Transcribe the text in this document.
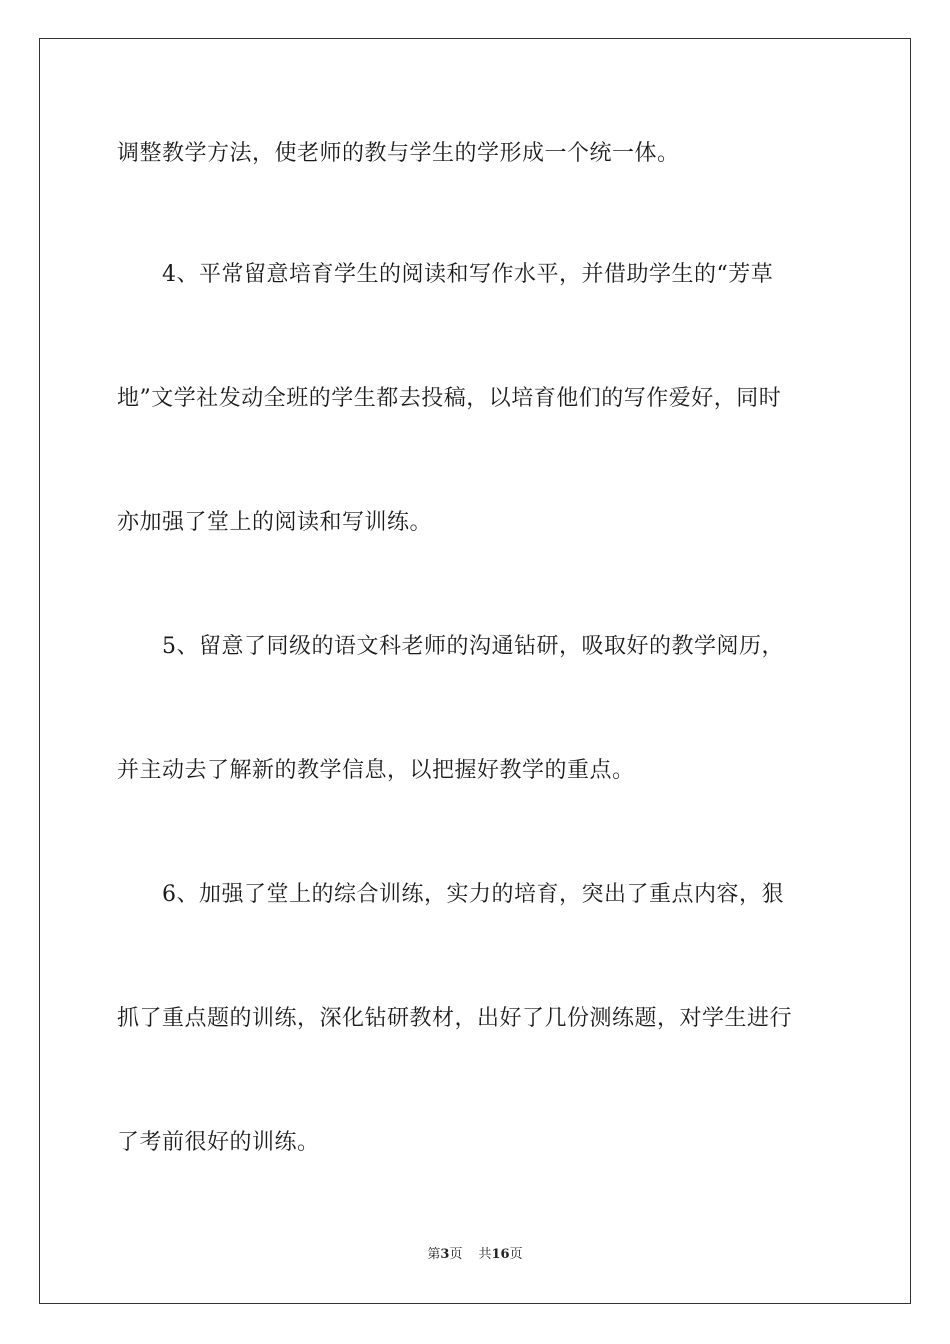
调整教学方法，使老师的教与学生的学形成一个统一体。
4、平常留意培育学生的阅读和写作水平，并借助学生的“芳草
地”文学社发动全班的学生都去投稿，以培育他们的写作爱好，同时
亦加强了堂上的阅读和写训练。
5、留意了同级的语文科老师的沟通钻研，吸取好的教学阅历，
并主动去了解新的教学信息，以把握好教学的重点。
6、加强了堂上的综合训练，实力的培育，突出了重点内容，狠
抓了重点题的训练，深化钻研教材，出好了几份测练题，对学生进行
了考前很好的训练。
第3页 共16页
